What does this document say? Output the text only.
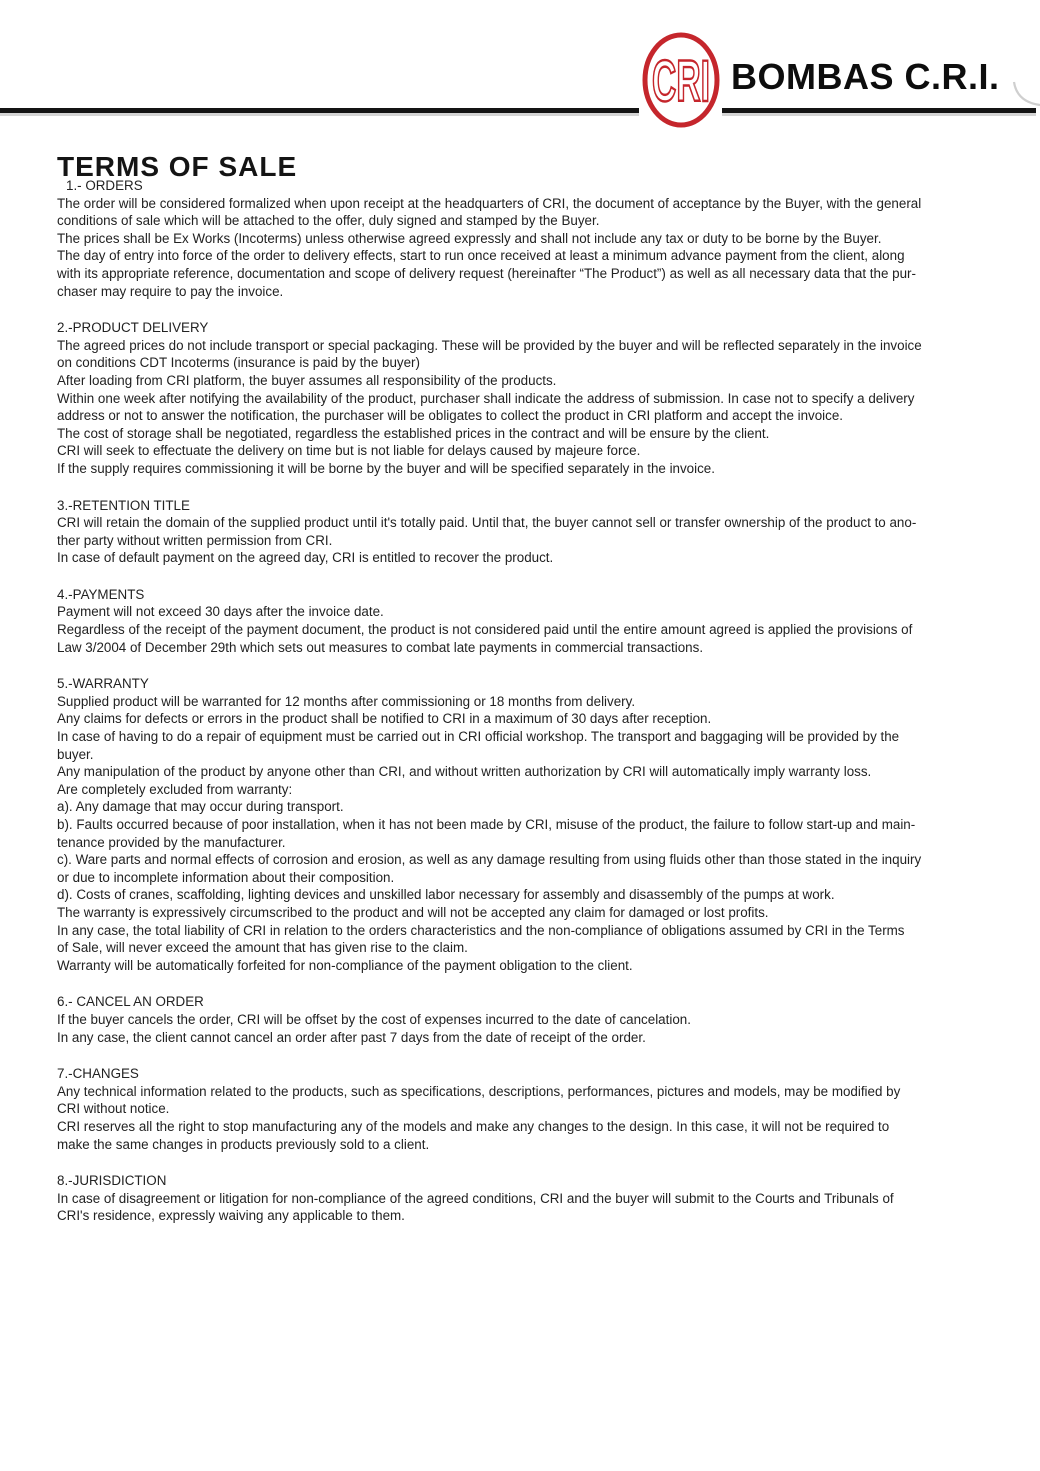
CRI BOMBAS C.R.I.
TERMS OF SALE
1.- ORDERS
The order will be considered formalized when upon receipt at the headquarters of CRI, the document of acceptance by the Buyer, with the general
conditions of sale which will be attached to the offer, duly signed and stamped by the Buyer.
The prices shall be Ex Works (Incoterms) unless otherwise agreed expressly and shall not include any tax or duty to be borne by the Buyer.
The day of entry into force of the order to delivery effects, start to run once received at least a minimum advance payment from the client, along
with its appropriate reference, documentation and scope of delivery request (hereinafter “The Product”) as well as all necessary data that the pur-
chaser may require to pay the invoice.
2.-PRODUCT DELIVERY
The agreed prices do not include transport or special packaging. These will be provided by the buyer and will be reflected separately in the invoice
on conditions CDT Incoterms (insurance is paid by the buyer)
After loading from CRI platform, the buyer assumes all responsibility of the products.
Within one week after notifying the availability of the product, purchaser shall indicate the address of submission. In case not to specify a delivery
address or not to answer the notification, the purchaser will be obligates to collect the product in CRI platform and accept the invoice.
The cost of storage shall be negotiated, regardless the established prices in the contract and will be ensure by the client.
CRI will seek to effectuate the delivery on time but is not liable for delays caused by majeure force.
If the supply requires commissioning it will be borne by the buyer and will be specified separately in the invoice.
3.-RETENTION TITLE
CRI will retain the domain of the supplied product until it's totally paid. Until that, the buyer cannot sell or transfer ownership of the product to ano-
ther party without written permission from CRI.
In case of default payment on the agreed day, CRI is entitled to recover the product.
4.-PAYMENTS
Payment will not exceed 30 days after the invoice date.
Regardless of the receipt of the payment document, the product is not considered paid until the entire amount agreed is applied the provisions of
Law 3/2004 of December 29th which sets out measures to combat late payments in commercial transactions.
5.-WARRANTY
Supplied product will be warranted for 12 months after commissioning or 18 months from delivery.
Any claims for defects or errors in the product shall be notified to CRI in a maximum of 30 days after reception.
In case of having to do a repair of equipment must be carried out in CRI official workshop. The transport and baggaging will be provided by the
buyer.
Any manipulation of the product by anyone other than CRI, and without written authorization by CRI will automatically imply warranty loss.
Are completely excluded from warranty:
a). Any damage that may occur during transport.
b). Faults occurred because of poor installation, when it has not been made by CRI, misuse of the product, the failure to follow start-up and main-
tenance provided by the manufacturer.
c). Ware parts and normal effects of corrosion and erosion, as well as any damage resulting from using fluids other than those stated in the inquiry
or due to incomplete information about their composition.
d). Costs of cranes, scaffolding, lighting devices and unskilled labor necessary for assembly and disassembly of the pumps at work.
The warranty is expressively circumscribed to the product and will not be accepted any claim for damaged or lost profits.
In any case, the total liability of CRI in relation to the orders characteristics and the non-compliance of obligations assumed by CRI in the Terms
of Sale, will never exceed the amount that has given rise to the claim.
Warranty will be automatically forfeited for non-compliance of the payment obligation to the client.
6.- CANCEL AN ORDER
If the buyer cancels the order, CRI will be offset by the cost of expenses incurred to the date of cancelation.
In any case, the client cannot cancel an order after past 7 days from the date of receipt of the order.
7.-CHANGES
Any technical information related to the products, such as specifications, descriptions, performances, pictures and models, may be modified by
CRI without notice.
CRI reserves all the right to stop manufacturing any of the models and make any changes to the design. In this case, it will not be required to
make the same changes in products previously sold to a client.
8.-JURISDICTION
In case of disagreement or litigation for non-compliance of the agreed conditions, CRI and the buyer will submit to the Courts and Tribunals of
CRI's residence, expressly waiving any applicable to them.
